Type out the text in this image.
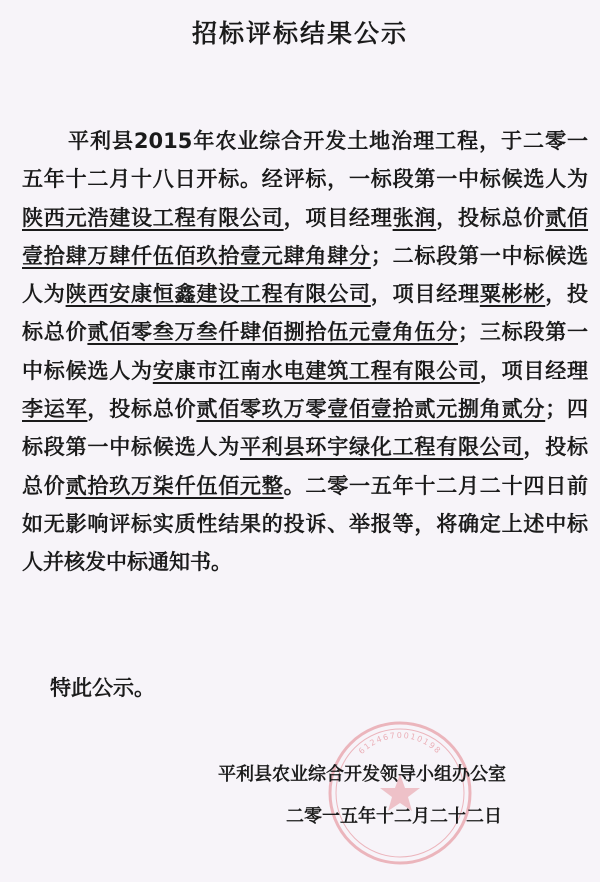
招标评标结果公示

平利县2015年农业综合开发土地治理工程，于二零一五年十二月十八日开标。经评标，一标段第一中标候选人为陕西元浩建设工程有限公司，项目经理张润，投标总价贰佰壹拾肆万肆仟伍佰玖拾壹元肆角肆分；二标段第一中标候选人为陕西安康恒鑫建设工程有限公司，项目经理粟彬彬，投标总价贰佰零叁万叁仟肆佰捌拾伍元壹角伍分；三标段第一中标候选人为安康市江南水电建筑工程有限公司，项目经理李运军，投标总价贰佰零玖万零壹佰壹拾贰元捌角贰分；四标段第一中标候选人为平利县环宇绿化工程有限公司，投标总价贰拾玖万柒仟伍佰元整。二零一五年十二月二十四日前如无影响评标实质性结果的投诉、举报等，将确定上述中标人并核发中标通知书。

特此公示。
6124670010198
平利县农业综合开发领导小组办公室
二零一五年十二月二十二日
